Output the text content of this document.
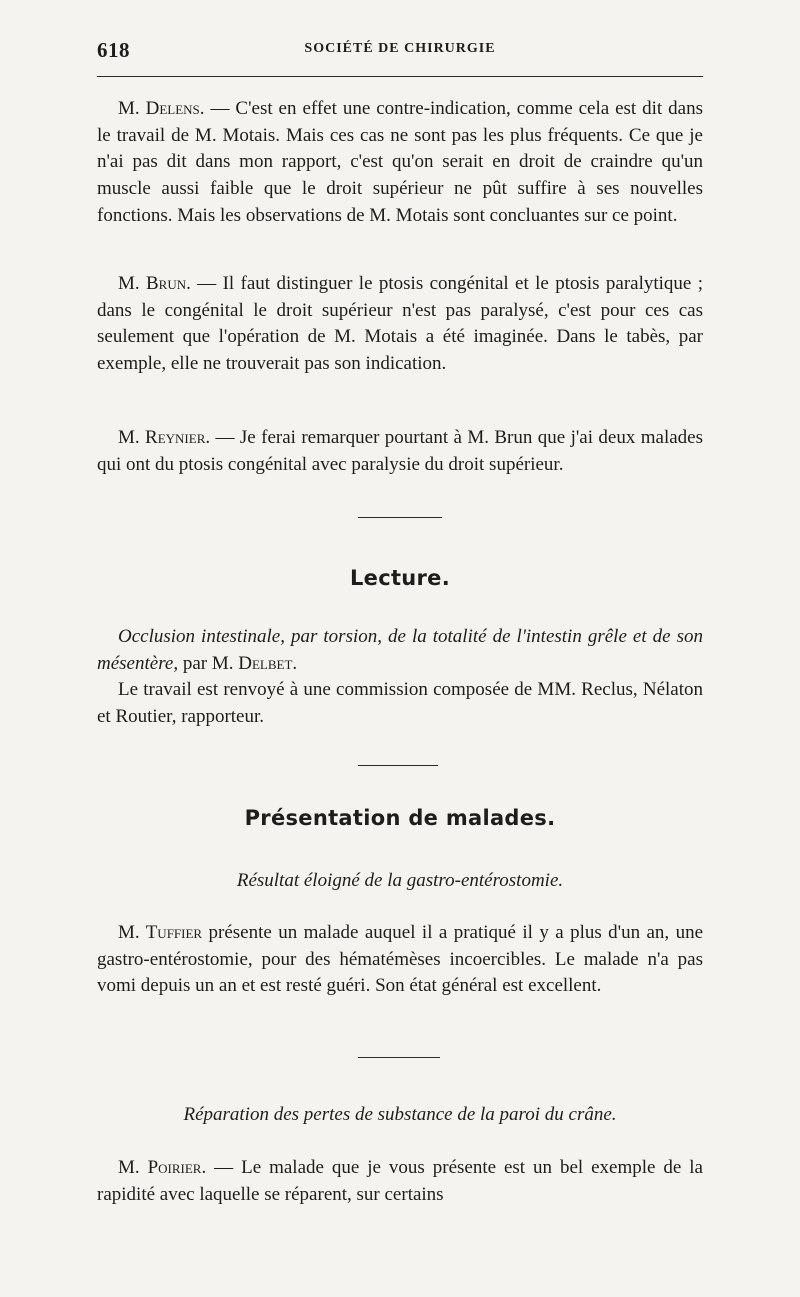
618	SOCIÉTÉ DE CHIRURGIE

M. Delens. — C'est en effet une contre-indication, comme cela est dit dans le travail de M. Motais. Mais ces cas ne sont pas les plus fréquents. Ce que je n'ai pas dit dans mon rapport, c'est qu'on serait en droit de craindre qu'un muscle aussi faible que le droit supérieur ne pût suffire à ses nouvelles fonctions. Mais les observations de M. Motais sont concluantes sur ce point.

M. Brun. — Il faut distinguer le ptosis congénital et le ptosis paralytique ; dans le congénital le droit supérieur n'est pas paralysé, c'est pour ces cas seulement que l'opération de M. Motais a été imaginée. Dans le tabès, par exemple, elle ne trouverait pas son indication.

M. Reynier. — Je ferai remarquer pourtant à M. Brun que j'ai deux malades qui ont du ptosis congénital avec paralysie du droit supérieur.

Lecture.

Occlusion intestinale, par torsion, de la totalité de l'intestin grêle et de son mésentère, par M. Delbet.

Le travail est renvoyé à une commission composée de MM. Reclus, Nélaton et Routier, rapporteur.

Présentation de malades.
Résultat éloigné de la gastro-entérostomie.

M. Tuffier présente un malade auquel il a pratiqué il y a plus d'un an, une gastro-entérostomie, pour des hématémèses incoercibles. Le malade n'a pas vomi depuis un an et est resté guéri. Son état général est excellent.

Réparation des pertes de substance de la paroi du crâne.

M. Poirier. — Le malade que je vous présente est un bel exemple de la rapidité avec laquelle se réparent, sur certains
